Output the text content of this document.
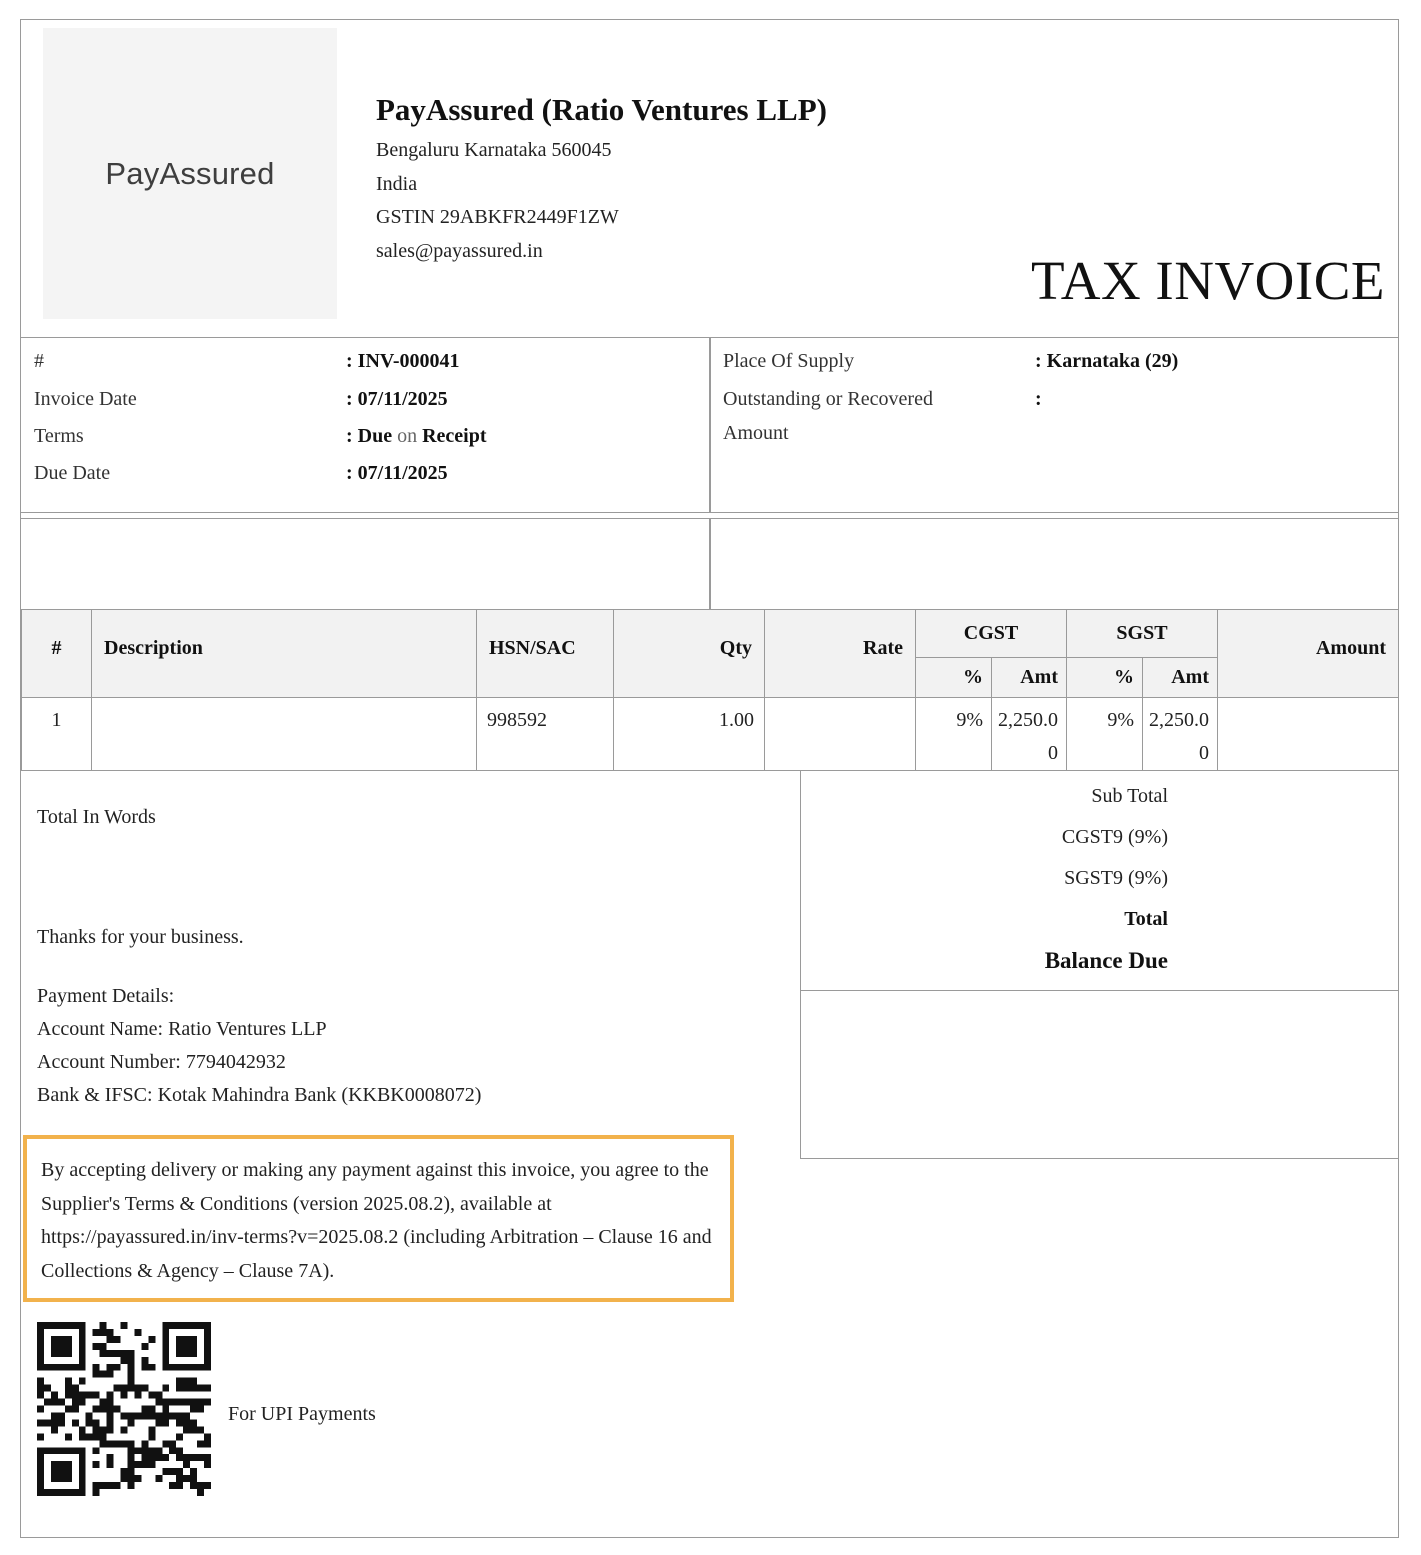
PayAssured
PayAssured (Ratio Ventures LLP)
Bengaluru Karnataka 560045
India
GSTIN 29ABKFR2449F1ZW
sales@payassured.in	TAX INVOICE
#	: INV-000041
Invoice Date	: 07/11/2025
Terms	: Due on Receipt
Due Date	: 07/11/2025
Place Of Supply	: Karnataka (29)
Outstanding or Recovered
Amount
:
#	Description	HSN/SAC	Qty	Rate	CGST		SGST		Amount
					%	Amt	%	Amt	
1		998592	1.00		9%	2,250.00	9%	2,250.00	
Sub Total
CGST9 (9%)
SGST9 (9%)
Total
Balance Due
Total In Words
Thanks for your business.
Payment Details:
Account Name: Ratio Ventures LLP
Account Number: 7794042932
Bank & IFSC: Kotak Mahindra Bank (KKBK0008072)
By accepting delivery or making any payment against this invoice, you agree to the Supplier's Terms & Conditions (version 2025.08.2), available at https://payassured.in/inv-terms?v=2025.08.2 (including Arbitration – Clause 16 and Collections & Agency – Clause 7A).
For UPI Payments
